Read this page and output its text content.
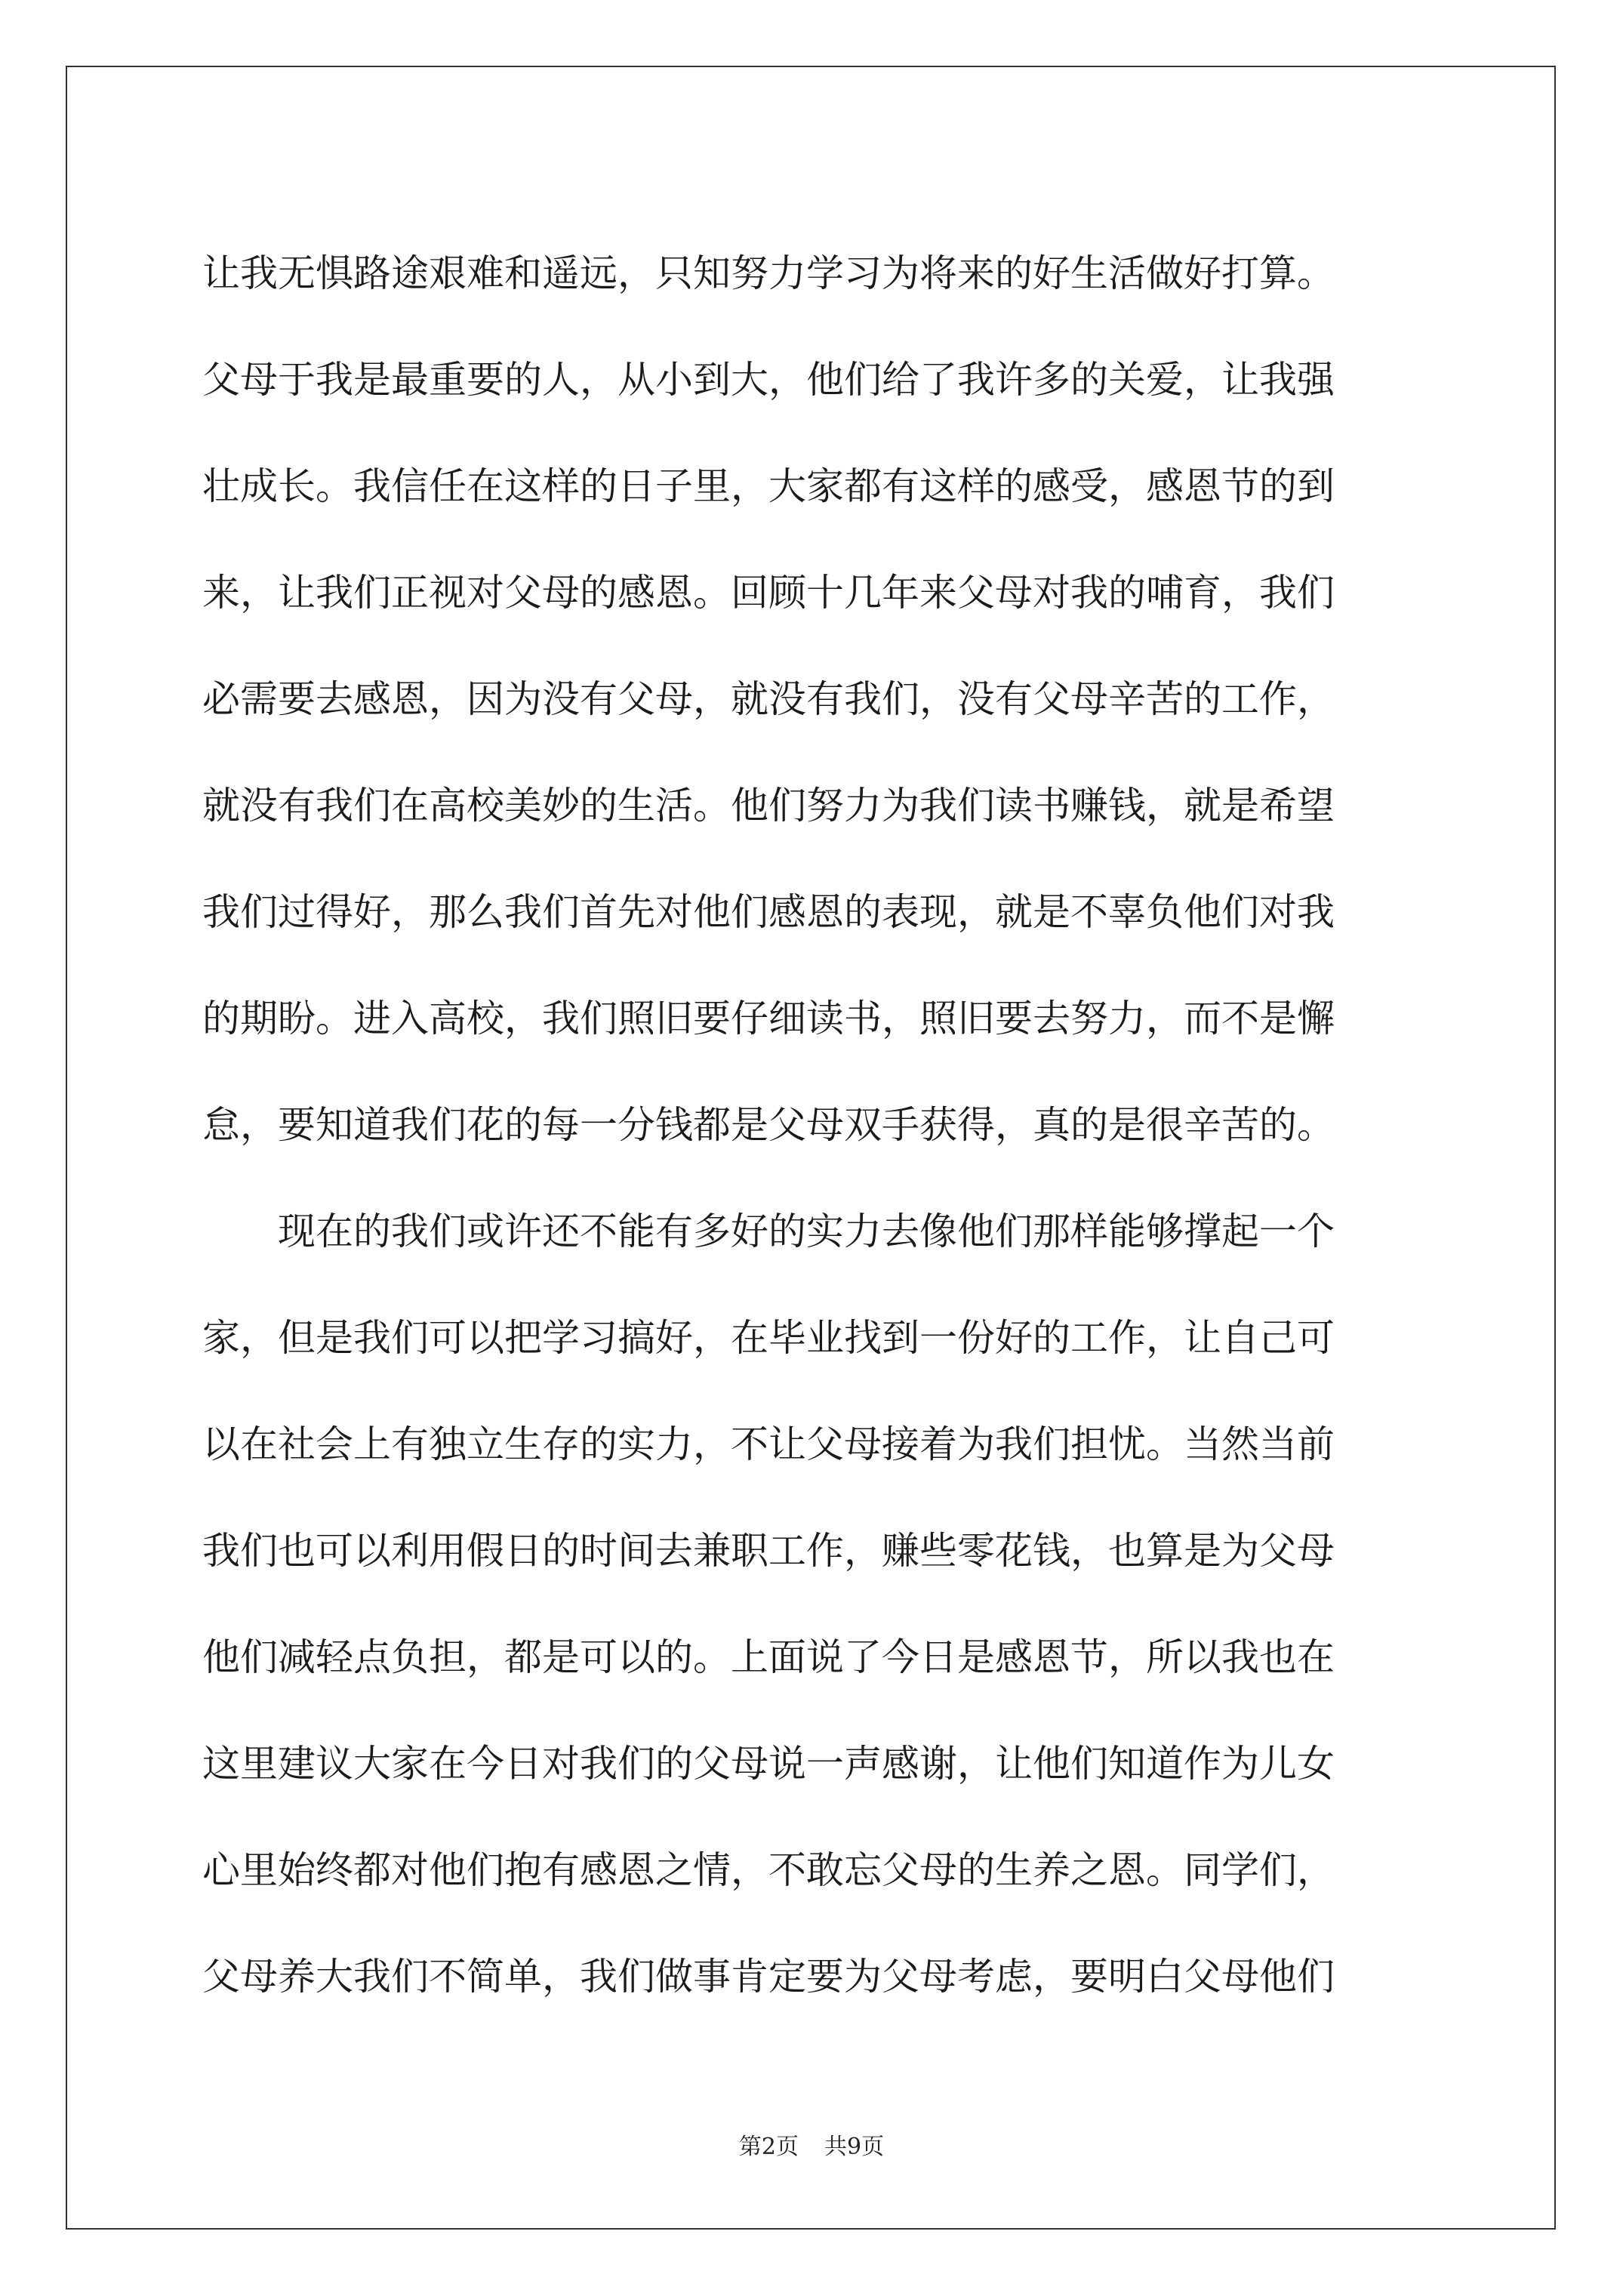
让我无惧路途艰难和遥远，只知努力学习为将来的好生活做好打算。
父母于我是最重要的人，从小到大，他们给了我许多的关爱，让我强
壮成长。我信任在这样的日子里，大家都有这样的感受，感恩节的到
来，让我们正视对父母的感恩。回顾十几年来父母对我的哺育，我们
必需要去感恩，因为没有父母，就没有我们，没有父母辛苦的工作，
就没有我们在高校美妙的生活。他们努力为我们读书赚钱，就是希望
我们过得好，那么我们首先对他们感恩的表现，就是不辜负他们对我
的期盼。进入高校，我们照旧要仔细读书，照旧要去努力，而不是懈
怠，要知道我们花的每一分钱都是父母双手获得，真的是很辛苦的。
现在的我们或许还不能有多好的实力去像他们那样能够撑起一个
家，但是我们可以把学习搞好，在毕业找到一份好的工作，让自己可
以在社会上有独立生存的实力，不让父母接着为我们担忧。当然当前
我们也可以利用假日的时间去兼职工作，赚些零花钱，也算是为父母
他们减轻点负担，都是可以的。上面说了今日是感恩节，所以我也在
这里建议大家在今日对我们的父母说一声感谢，让他们知道作为儿女
心里始终都对他们抱有感恩之情，不敢忘父母的生养之恩。同学们，
父母养大我们不简单，我们做事肯定要为父母考虑，要明白父母他们
第2页 共9页
